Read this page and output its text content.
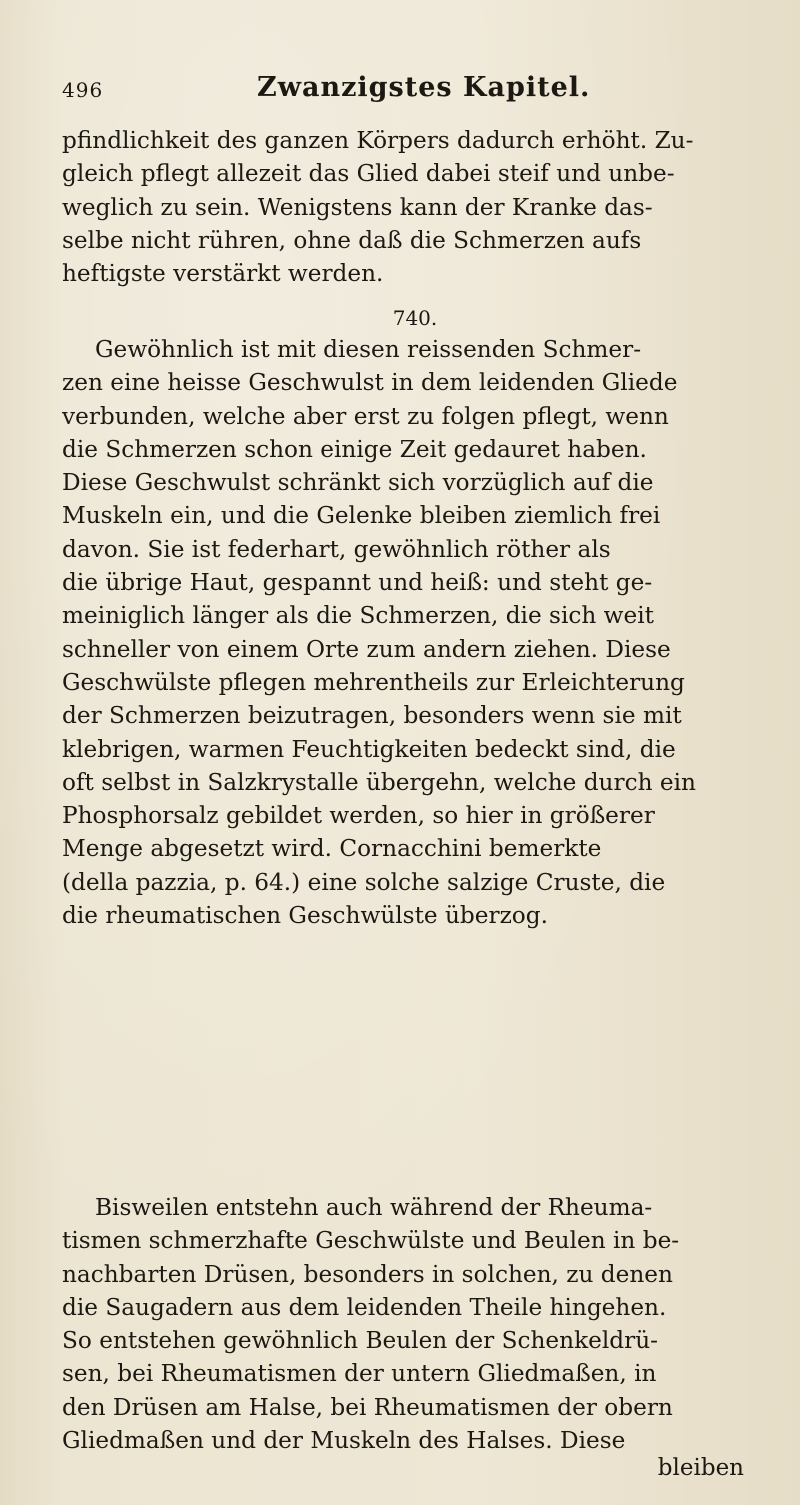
496	Zwanzigstes Kapitel.
pfindlichkeit des ganzen Körpers dadurch erhöht. Zu-
gleich pflegt allezeit das Glied dabei steif und unbe-
weglich zu sein. Wenigstens kann der Kranke das-
selbe nicht rühren, ohne daß die Schmerzen aufs
heftigste verstärkt werden.
740.
Gewöhnlich ist mit diesen reissenden Schmer-
zen eine heisse Geschwulst in dem leidenden Gliede
verbunden, welche aber erst zu folgen pflegt, wenn
die Schmerzen schon einige Zeit gedauret haben.
Diese Geschwulst schränkt sich vorzüglich auf die
Muskeln ein, und die Gelenke bleiben ziemlich frei
davon. Sie ist federhart, gewöhnlich röther als
die übrige Haut, gespannt und heiß: und steht ge-
meiniglich länger als die Schmerzen, die sich weit
schneller von einem Orte zum andern ziehen. Diese
Geschwülste pflegen mehrentheils zur Erleichterung
der Schmerzen beizutragen, besonders wenn sie mit
klebrigen, warmen Feuchtigkeiten bedeckt sind, die
oft selbst in Salzkrystalle übergehn, welche durch ein
Phosphorsalz gebildet werden, so hier in größerer
Menge abgesetzt wird. Cornacchini bemerkte
(della pazzia, p. 64.) eine solche salzige Cruste, die
die rheumatischen Geschwülste überzog.
Bisweilen entstehn auch während der Rheuma-
tismen schmerzhafte Geschwülste und Beulen in be-
nachbarten Drüsen, besonders in solchen, zu denen
die Saugadern aus dem leidenden Theile hingehen.
So entstehen gewöhnlich Beulen der Schenkeldrü-
sen, bei Rheumatismen der untern Gliedmaßen, in
den Drüsen am Halse, bei Rheumatismen der obern
Gliedmaßen und der Muskeln des Halses. Diese
bleiben
